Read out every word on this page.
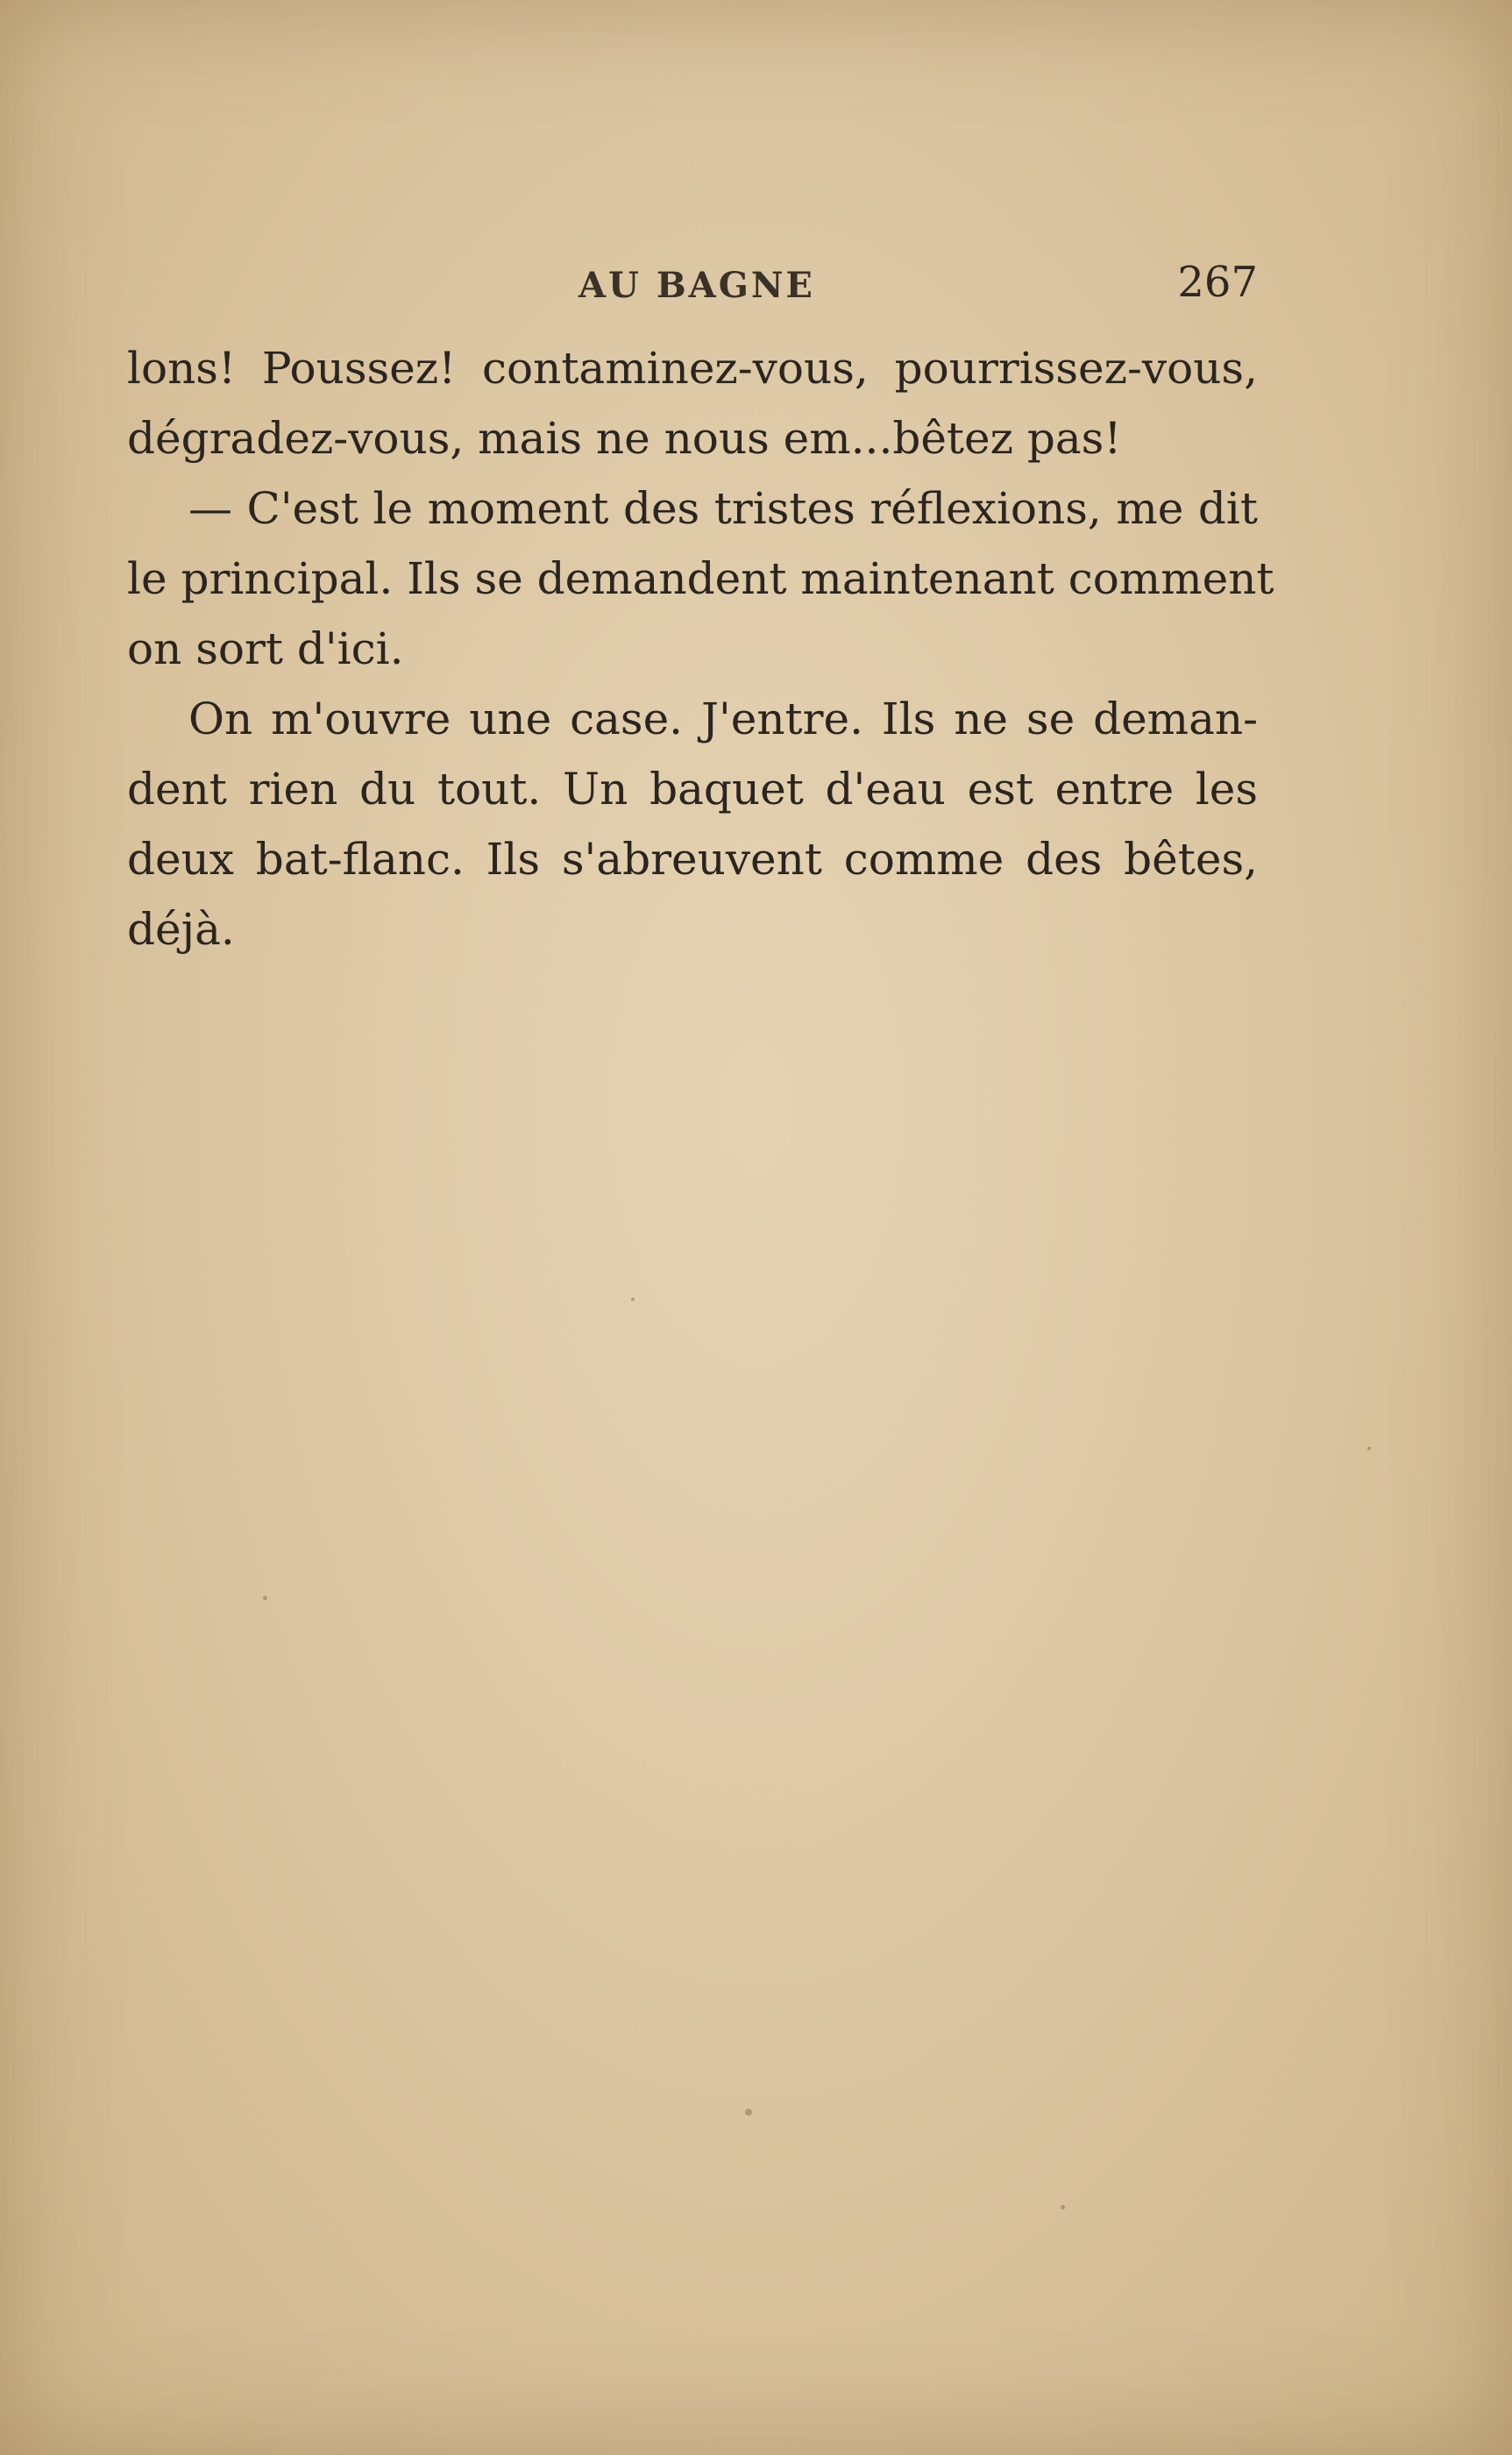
AU BAGNE	267
lons! Poussez! contaminez-vous, pourrissez-vous,
dégradez-vous, mais ne nous em...bêtez pas!
— C'est le moment des tristes réflexions, me dit
le principal. Ils se demandent maintenant comment
on sort d'ici.
On m'ouvre une case. J'entre. Ils ne se deman-
dent rien du tout. Un baquet d'eau est entre les
deux bat-flanc. Ils s'abreuvent comme des bêtes,
déjà.
